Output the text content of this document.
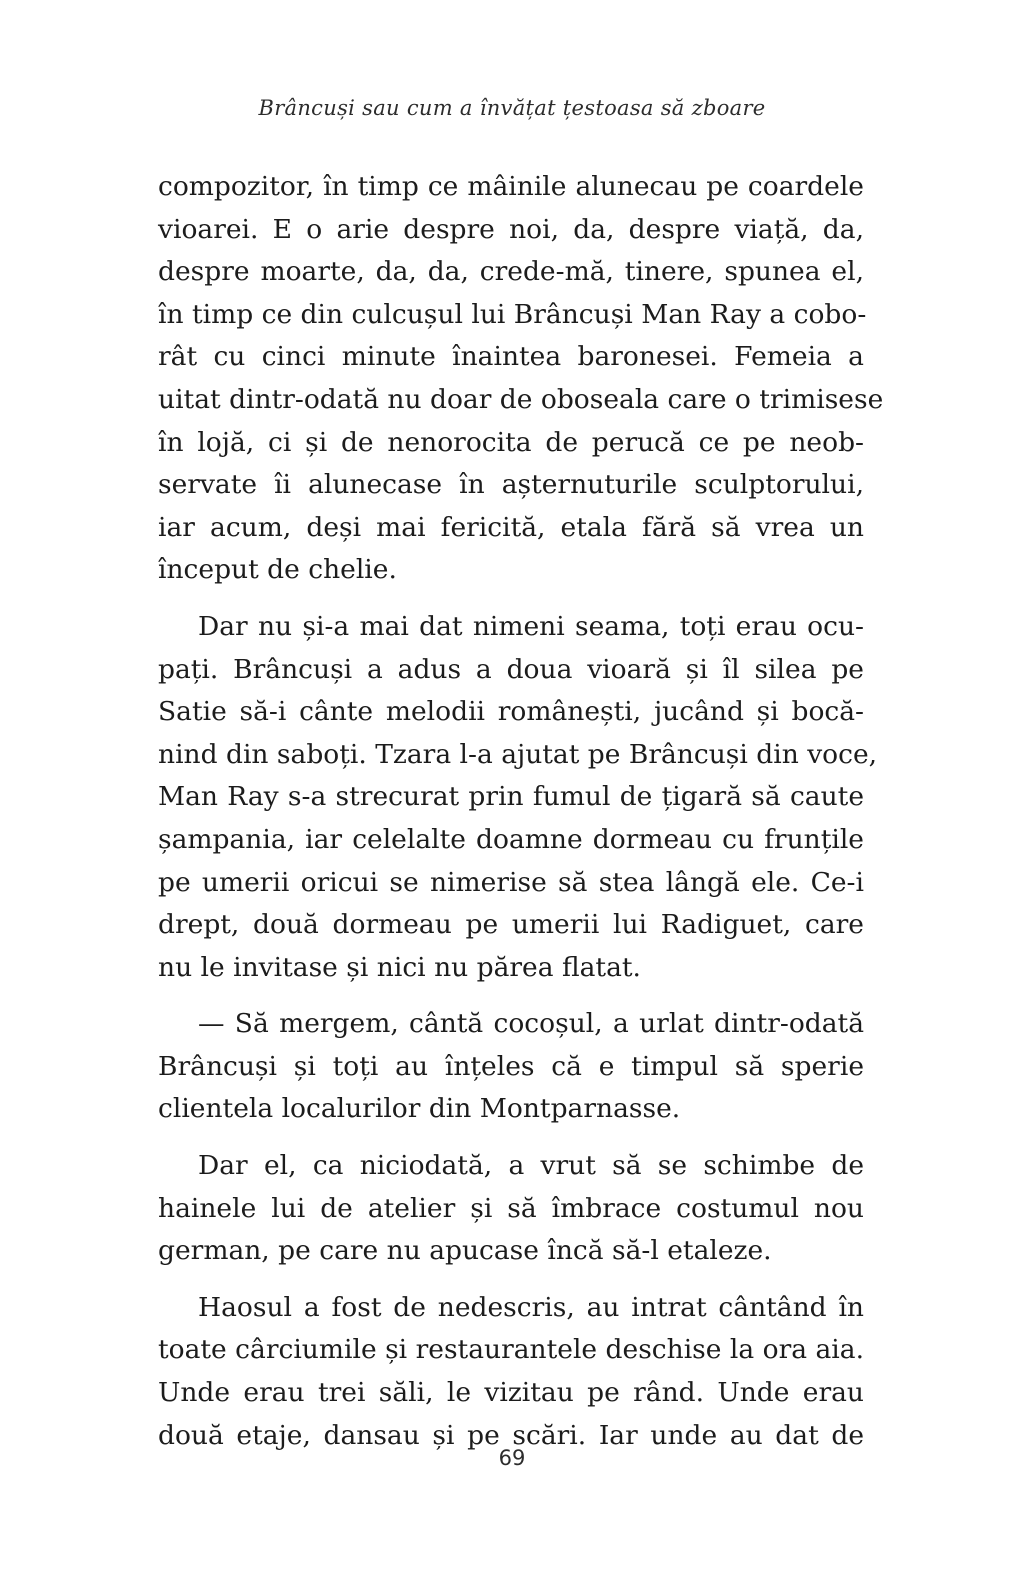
Brâncuși sau cum a învățat țestoasa să zboare
compozitor, în timp ce mâinile alunecau pe coardele
vioarei. E o arie despre noi, da, despre viață, da,
despre moarte, da, da, crede-mă, tinere, spunea el,
în timp ce din culcușul lui Brâncuși Man Ray a cobo-
rât cu cinci minute înaintea baronesei. Femeia a
uitat dintr-odată nu doar de oboseala care o trimisese
în lojă, ci și de nenorocita de perucă ce pe neob-
servate îi alunecase în așternuturile sculptorului,
iar acum, deși mai fericită, etala fără să vrea un
început de chelie.
Dar nu și-a mai dat nimeni seama, toți erau ocu-
pați. Brâncuși a adus a doua vioară și îl silea pe
Satie să-i cânte melodii românești, jucând și bocă-
nind din saboți. Tzara l-a ajutat pe Brâncuși din voce,
Man Ray s-a strecurat prin fumul de țigară să caute
șampania, iar celelalte doamne dormeau cu frunțile
pe umerii oricui se nimerise să stea lângă ele. Ce-i
drept, două dormeau pe umerii lui Radiguet, care
nu le invitase și nici nu părea flatat.
— Să mergem, cântă cocoșul, a urlat dintr-odată
Brâncuși și toți au înțeles că e timpul să sperie
clientela localurilor din Montparnasse.
Dar el, ca niciodată, a vrut să se schimbe de
hainele lui de atelier și să îmbrace costumul nou
german, pe care nu apucase încă să-l etaleze.
Haosul a fost de nedescris, au intrat cântând în
toate cârciumile și restaurantele deschise la ora aia.
Unde erau trei săli, le vizitau pe rând. Unde erau
două etaje, dansau și pe scări. Iar unde au dat de
69
